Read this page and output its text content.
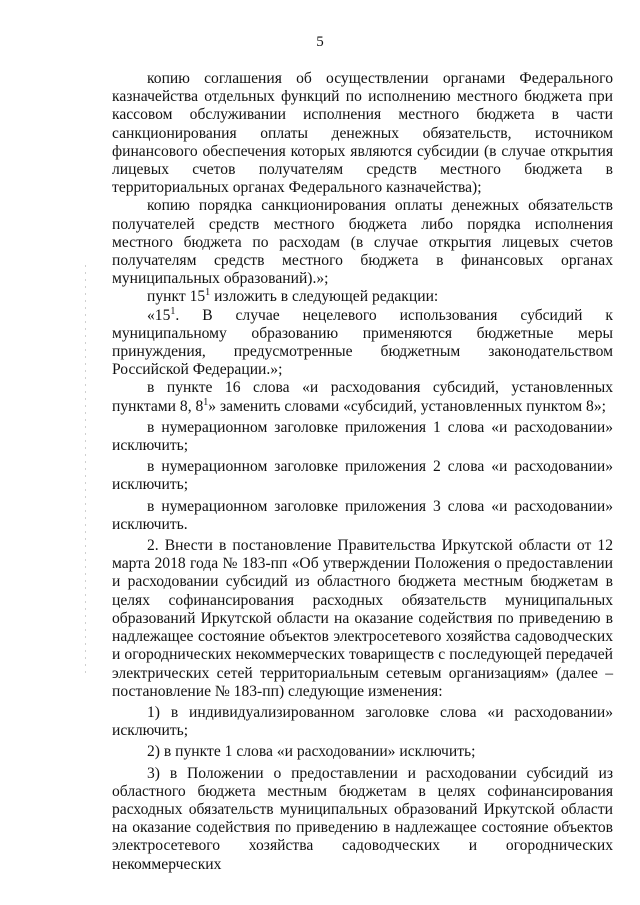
5

копию соглашения об осуществлении органами Федерального казначейства отдельных функций по исполнению местного бюджета при кассовом обслуживании исполнения местного бюджета в части санкционирования оплаты денежных обязательств, источником финансового обеспечения которых являются субсидии (в случае открытия лицевых счетов получателям средств местного бюджета в территориальных органах Федерального казначейства);

копию порядка санкционирования оплаты денежных обязательств получателей средств местного бюджета либо порядка исполнения местного бюджета по расходам (в случае открытия лицевых счетов получателям средств местного бюджета в финансовых органах муниципальных образований).»;

пункт $15^1$ изложить в следующей редакции:

«$15^1$. В случае нецелевого использования субсидий к муниципальному образованию применяются бюджетные меры принуждения, предусмотренные бюджетным законодательством Российской Федерации.»;

в пункте 16 слова «и расходования субсидий, установленных пунктами 8, $8^1$» заменить словами «субсидий, установленных пунктом 8»;

в нумерационном заголовке приложения 1 слова «и расходовании» исключить;

в нумерационном заголовке приложения 2 слова «и расходовании» исключить;

в нумерационном заголовке приложения 3 слова «и расходовании» исключить.

2. Внести в постановление Правительства Иркутской области от 12 марта 2018 года № 183-пп «Об утверждении Положения о предоставлении и расходовании субсидий из областного бюджета местным бюджетам в целях софинансирования расходных обязательств муниципальных образований Иркутской области на оказание содействия по приведению в надлежащее состояние объектов электросетевого хозяйства садоводческих и огороднических некоммерческих товариществ с последующей передачей электрических сетей территориальным сетевым организациям» (далее – постановление № 183-пп) следующие изменения:

1) в индивидуализированном заголовке слова «и расходовании» исключить;

2) в пункте 1 слова «и расходовании» исключить;

3) в Положении о предоставлении и расходовании субсидий из областного бюджета местным бюджетам в целях софинансирования расходных обязательств муниципальных образований Иркутской области на оказание содействия по приведению в надлежащее состояние объектов электросетевого хозяйства садоводческих и огороднических некоммерческих
